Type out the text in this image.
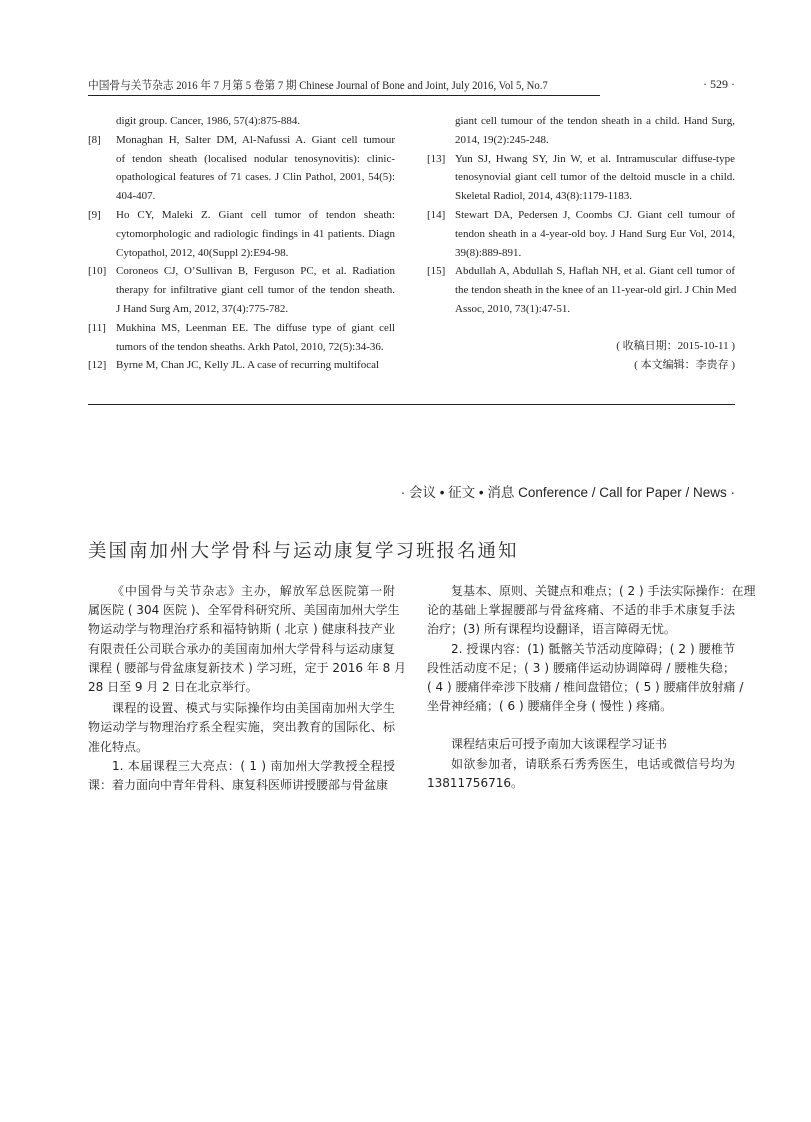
中国骨与关节杂志 2016 年 7 月第 5 卷第 7 期 Chinese Journal of Bone and Joint, July 2016, Vol 5, No.7	· 529 ·
digit group. Cancer, 1986, 57(4):875-884.
[8] Monaghan H, Salter DM, Al-Nafussi A. Giant cell tumour
of tendon sheath (localised nodular tenosynovitis): clinic-
opathological features of 71 cases. J Clin Pathol, 2001, 54(5):
404-407.
[9] Ho CY, Maleki Z. Giant cell tumor of tendon sheath:
cytomorphologic and radiologic findings in 41 patients. Diagn
Cytopathol, 2012, 40(Suppl 2):E94-98.
[10] Coroneos CJ, O’Sullivan B, Ferguson PC, et al. Radiation
therapy for infiltrative giant cell tumor of the tendon sheath.
J Hand Surg Am, 2012, 37(4):775-782.
[11] Mukhina MS, Leenman EE. The diffuse type of giant cell
tumors of the tendon sheaths. Arkh Patol, 2010, 72(5):34-36.
[12] Byrne M, Chan JC, Kelly JL. A case of recurring multifocal
giant cell tumour of the tendon sheath in a child. Hand Surg,
2014, 19(2):245-248.
[13] Yun SJ, Hwang SY, Jin W, et al. Intramuscular diffuse-type
tenosynovial giant cell tumor of the deltoid muscle in a child.
Skeletal Radiol, 2014, 43(8):1179-1183.
[14] Stewart DA, Pedersen J, Coombs CJ. Giant cell tumour of
tendon sheath in a 4-year-old boy. J Hand Surg Eur Vol, 2014,
39(8):889-891.
[15] Abdullah A, Abdullah S, Haflah NH, et al. Giant cell tumor of
the tendon sheath in the knee of an 11-year-old girl. J Chin Med
Assoc, 2010, 73(1):47-51.
( 收稿日期：2015-10-11 )
( 本文编辑：李贵存 )
· 会议 • 征文 • 消息 Conference / Call for Paper / News ·
美国南加州大学骨科与运动康复学习班报名通知
《中国骨与关节杂志》主办，解放军总医院第一附
属医院 ( 304 医院 )、全军骨科研究所、美国南加州大学生
物运动学与物理治疗系和福特钠斯 ( 北京 ) 健康科技产业
有限责任公司联合承办的美国南加州大学骨科与运动康复
课程 ( 腰部与骨盆康复新技术 ) 学习班，定于 2016 年 8 月
28 日至 9 月 2 日在北京举行。
课程的设置、模式与实际操作均由美国南加州大学生
物运动学与物理治疗系全程实施，突出教育的国际化、标
准化特点。
1. 本届课程三大亮点：( 1 ) 南加州大学教授全程授
课：着力面向中青年骨科、康复科医师讲授腰部与骨盆康
复基本、原则、关键点和难点；( 2 ) 手法实际操作：在理
论的基础上掌握腰部与骨盆疼痛、不适的非手术康复手法
治疗；(3) 所有课程均设翻译，语言障碍无忧。
2. 授课内容：(1) 骶髂关节活动度障碍；( 2 ) 腰椎节
段性活动度不足；( 3 ) 腰痛伴运动协调障碍 / 腰椎失稳；
( 4 ) 腰痛伴牵涉下肢痛 / 椎间盘错位；( 5 ) 腰痛伴放射痛 /
坐骨神经痛；( 6 ) 腰痛伴全身 ( 慢性 ) 疼痛。
课程结束后可授予南加大该课程学习证书
如欲参加者，请联系石秀秀医生，电话或微信号均为
13811756716。
